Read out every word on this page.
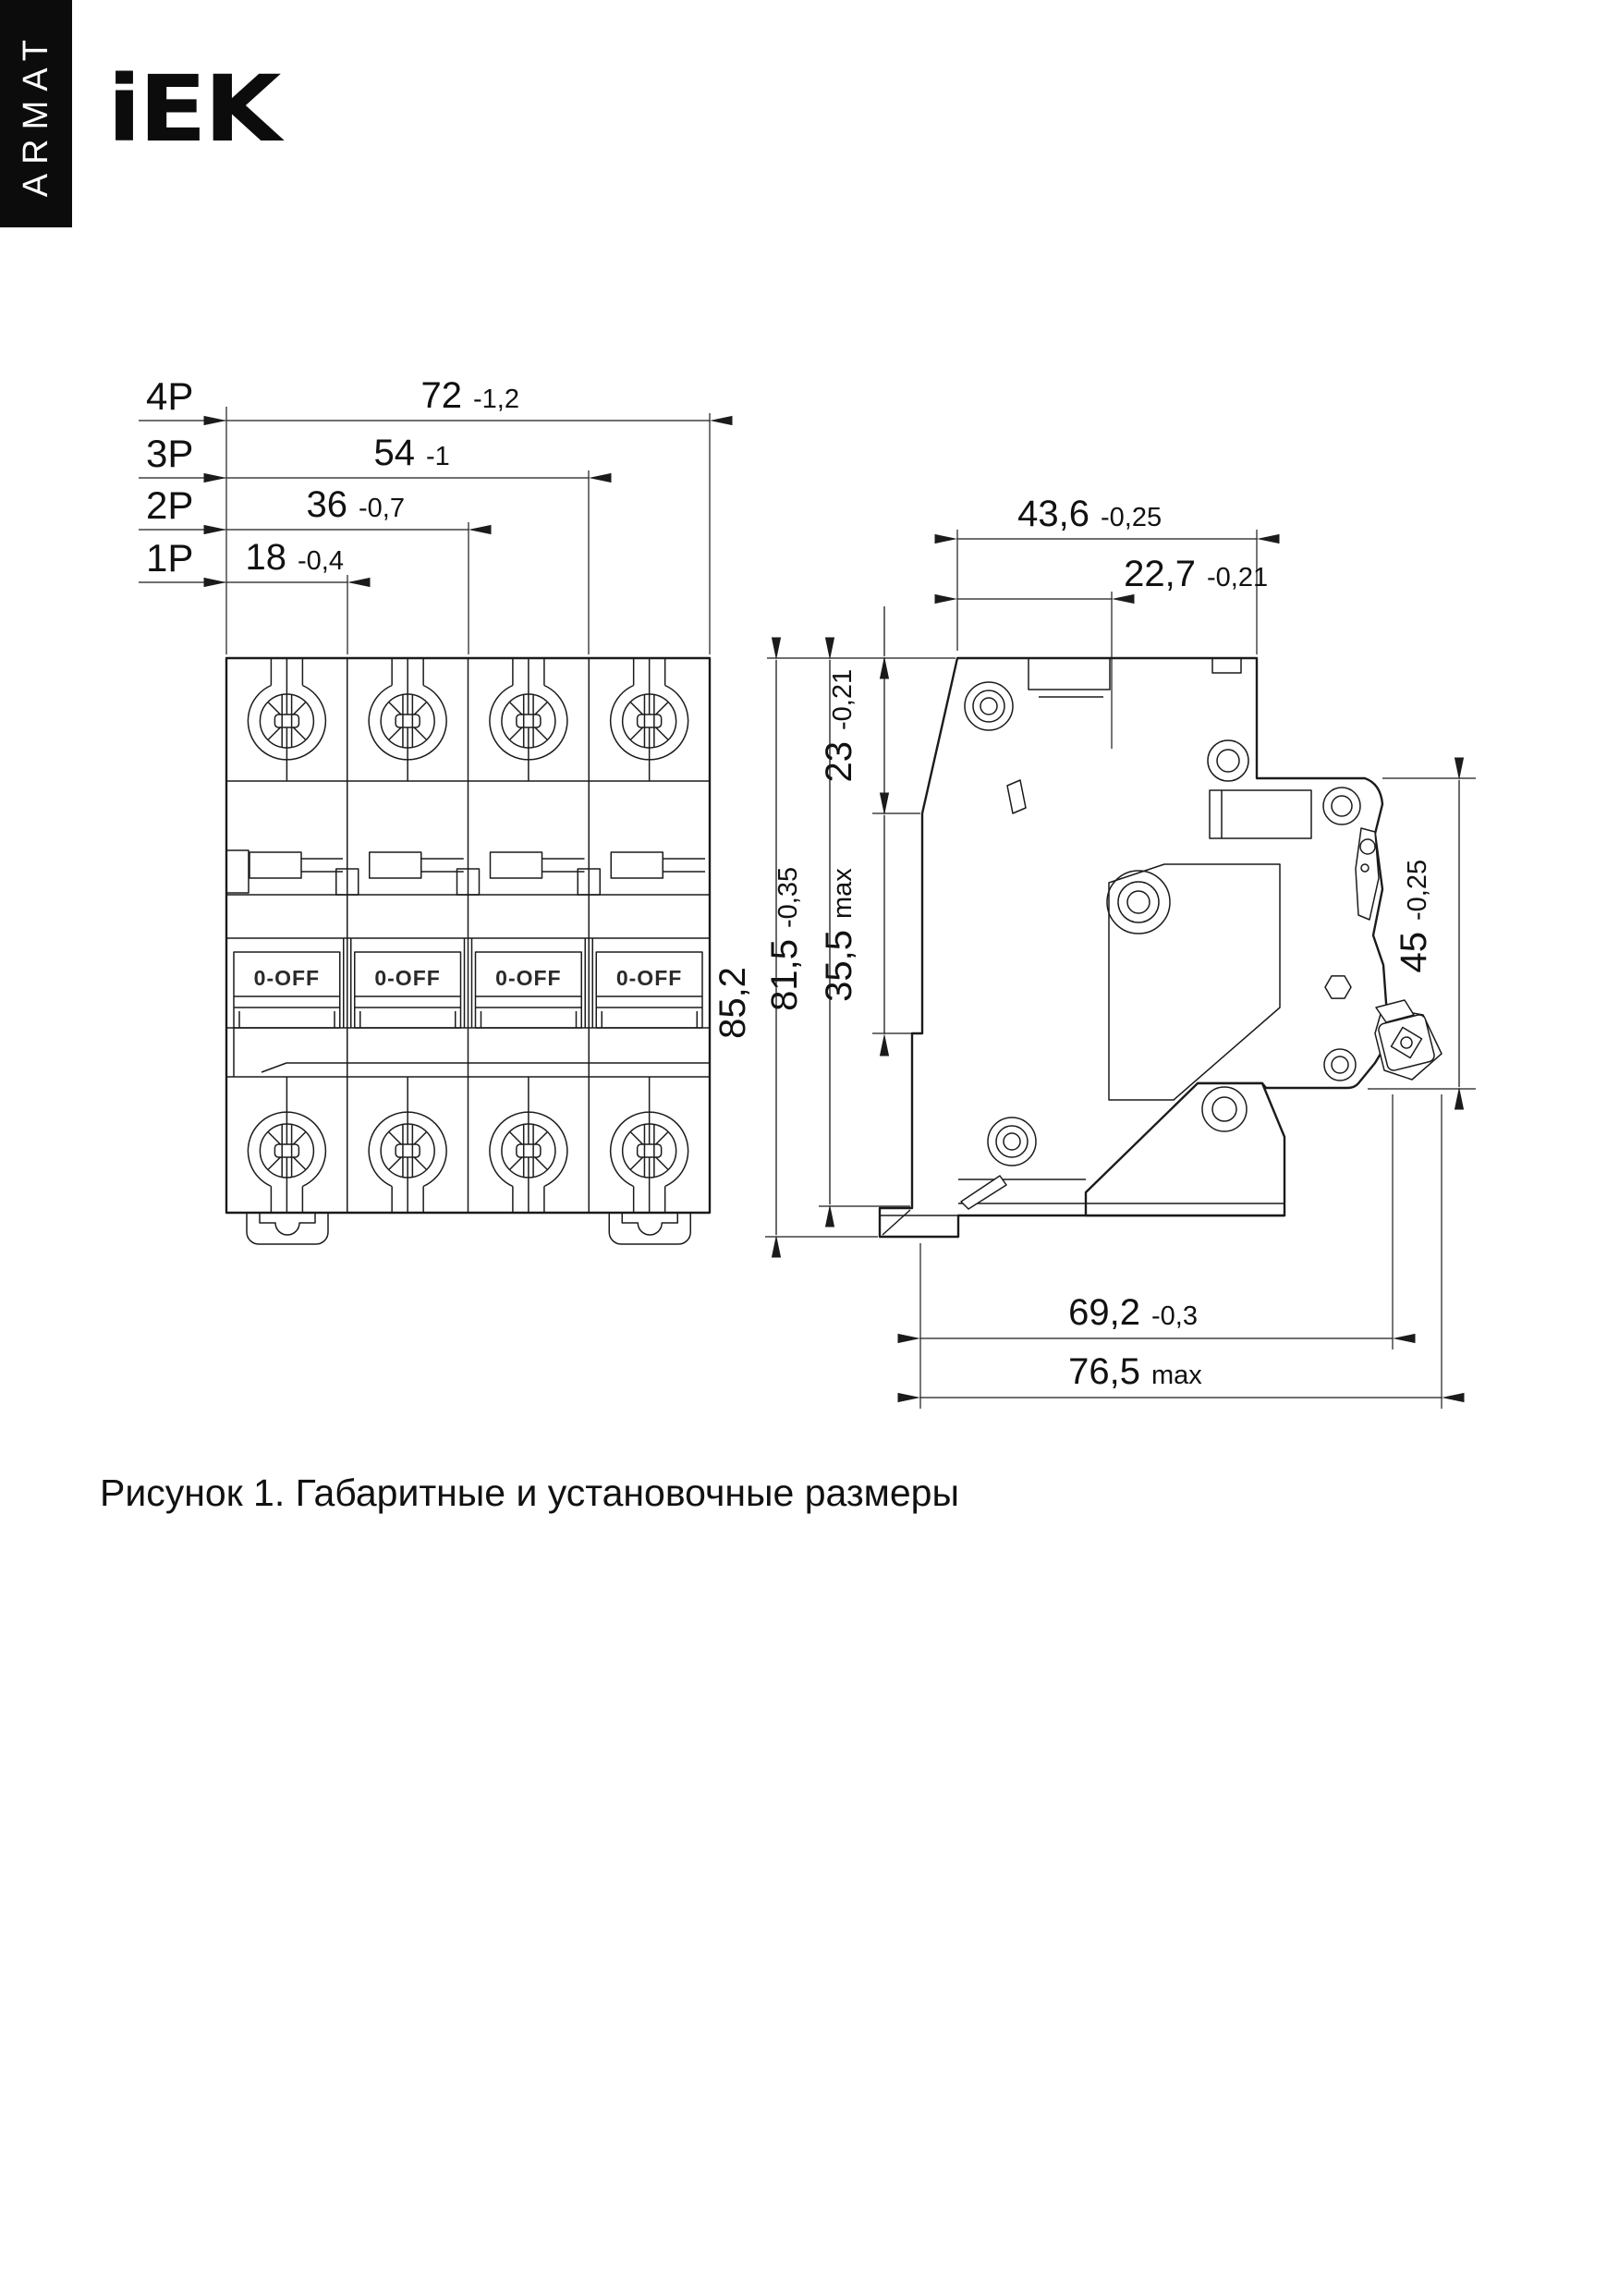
ARMAT iEK
0-OFF	0-OFF	0-OFF	0-OFF
4P
3P
2P
1P
72 -1,2
54 -1
36 -0,7
18 -0,4
43,6 -0,25
22,7 -0,21
23
-0,21
35,5
max
81,5
-0,35
85,2
45
-0,25
69,2 -0,3
76,5 max
Рисунок 1. Габаритные и установочные размеры
